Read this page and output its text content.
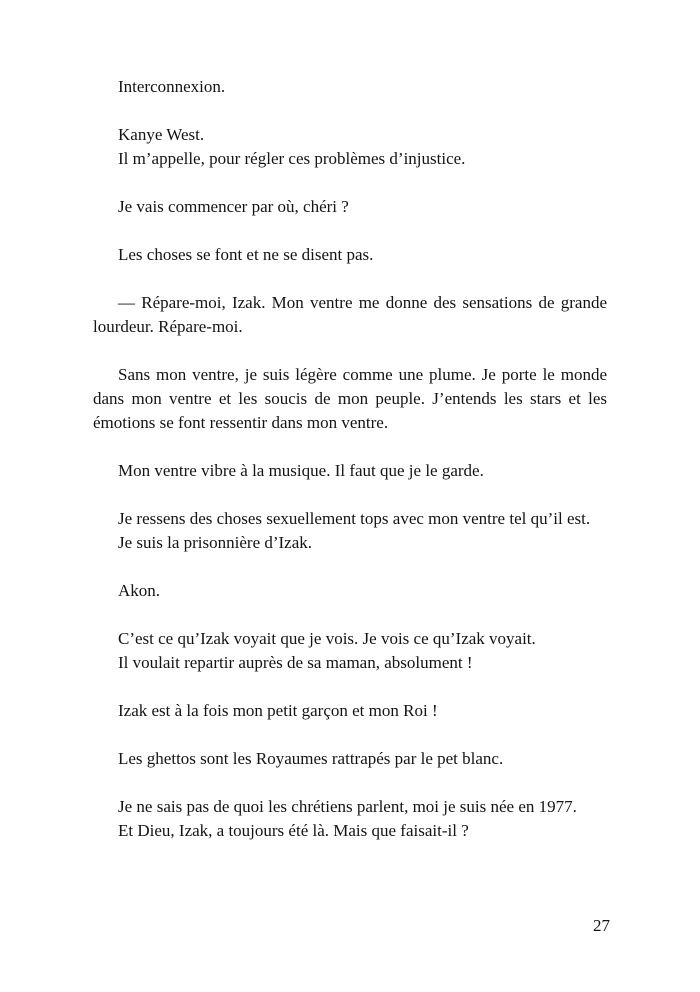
Interconnexion.
Kanye West.
Il m’appelle, pour régler ces problèmes d’injustice.
Je vais commencer par où, chéri ?
Les choses se font et ne se disent pas.
— Répare-moi, Izak. Mon ventre me donne des sensations de grande lourdeur. Répare-moi.
Sans mon ventre, je suis légère comme une plume. Je porte le monde dans mon ventre et les soucis de mon peuple. J’entends les stars et les émotions se font ressentir dans mon ventre.
Mon ventre vibre à la musique. Il faut que je le garde.
Je ressens des choses sexuellement tops avec mon ventre tel qu’il est.
Je suis la prisonnière d’Izak.
Akon.
C’est ce qu’Izak voyait que je vois. Je vois ce qu’Izak voyait.
Il voulait repartir auprès de sa maman, absolument !
Izak est à la fois mon petit garçon et mon Roi !
Les ghettos sont les Royaumes rattrapés par le pet blanc.
Je ne sais pas de quoi les chrétiens parlent, moi je suis née en 1977.
Et Dieu, Izak, a toujours été là. Mais que faisait-il ?
27
